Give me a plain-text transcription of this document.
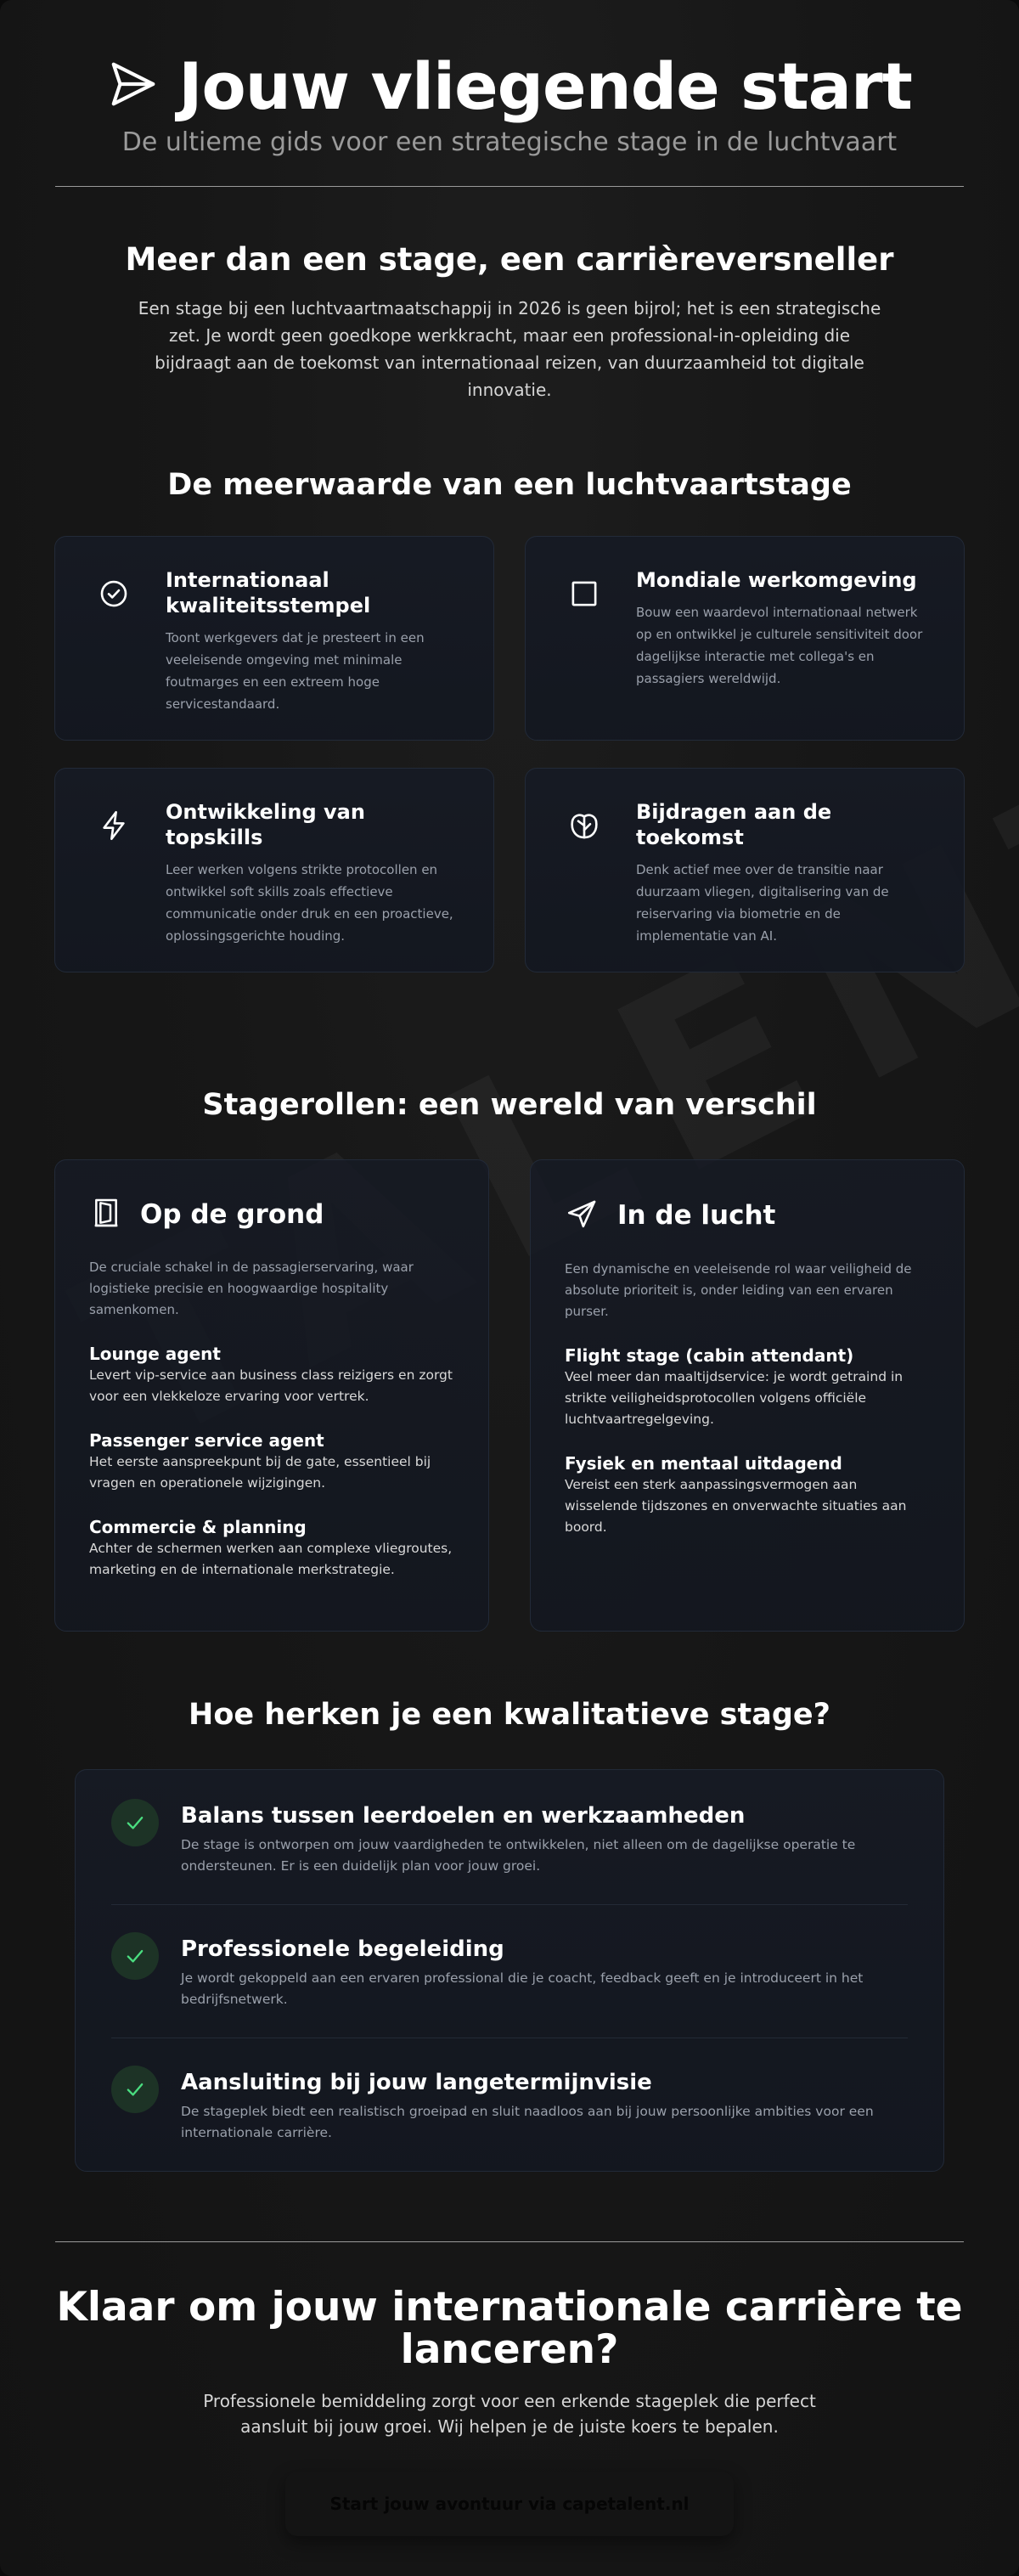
Jouw vliegende start
De ultieme gids voor een strategische stage in de luchtvaart
Meer dan een stage, een carrièreversneller

Een stage bij een luchtvaartmaatschappij in 2026 is geen bijrol; het is een strategische zet. Je wordt geen goedkope werkkracht, maar een professional-in-opleiding die bijdraagt aan de toekomst van internationaal reizen, van duurzaamheid tot digitale innovatie.

De meerwaarde van een luchtvaartstage
Internationaal kwaliteitsstempel

Toont werkgevers dat je presteert in een veeleisende omgeving met minimale foutmarges en een extreem hoge servicestandaard.

Mondiale werkomgeving

Bouw een waardevol internationaal netwerk op en ontwikkel je culturele sensitiviteit door dagelijkse interactie met collega's en passagiers wereldwijd.

Ontwikkeling van topskills

Leer werken volgens strikte protocollen en ontwikkel soft skills zoals effectieve communicatie onder druk en een proactieve, oplossingsgerichte houding.

Bijdragen aan de toekomst

Denk actief mee over de transitie naar duurzaam vliegen, digitalisering van de reiservaring via biometrie en de implementatie van AI.

Stagerollen: een wereld van verschil
Op de grond

De cruciale schakel in de passagierservaring, waar logistieke precisie en hoogwaardige hospitality samenkomen.

Lounge agent

Levert vip-service aan business class reizigers en zorgt voor een vlekkeloze ervaring voor vertrek.

Passenger service agent

Het eerste aanspreekpunt bij de gate, essentieel bij vragen en operationele wijzigingen.

Commercie & planning

Achter de schermen werken aan complexe vliegroutes, marketing en de internationale merkstrategie.

In de lucht

Een dynamische en veeleisende rol waar veiligheid de absolute prioriteit is, onder leiding van een ervaren purser.

Flight stage (cabin attendant)

Veel meer dan maaltijdservice: je wordt getraind in strikte veiligheidsprotocollen volgens officiële luchtvaartregelgeving.

Fysiek en mentaal uitdagend

Vereist een sterk aanpassingsvermogen aan wisselende tijdszones en onverwachte situaties aan boord.

Hoe herken je een kwalitatieve stage?
Balans tussen leerdoelen en werkzaamheden

De stage is ontworpen om jouw vaardigheden te ontwikkelen, niet alleen om de dagelijkse operatie te ondersteunen. Er is een duidelijk plan voor jouw groei.

Professionele begeleiding

Je wordt gekoppeld aan een ervaren professional die je coacht, feedback geeft en je introduceert in het bedrijfsnetwerk.

Aansluiting bij jouw langetermijnvisie

De stageplek biedt een realistisch groeipad en sluit naadloos aan bij jouw persoonlijke ambities voor een internationale carrière.

Klaar om jouw internationale carrière te lanceren?

Professionele bemiddeling zorgt voor een erkende stageplek die perfect aansluit bij jouw groei. Wij helpen je de juiste koers te bepalen.

Start jouw avontuur via capetalent.nl
